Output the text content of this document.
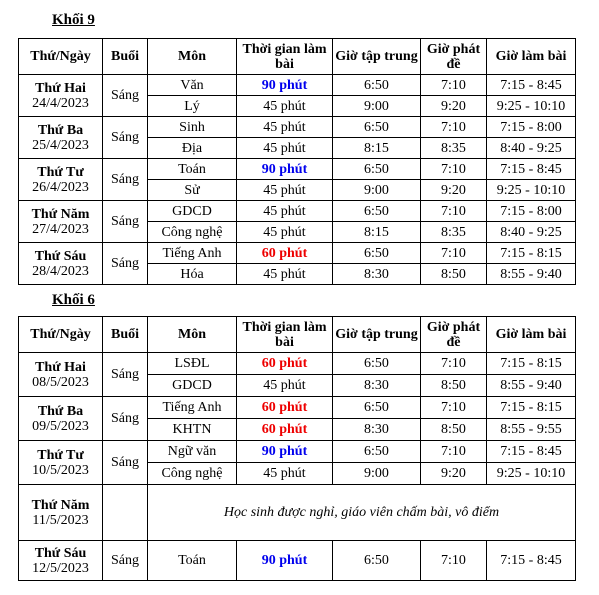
Khối 9
Thứ/Ngày	Buổi	Môn	Thời gian làm bài	Giờ tập trung	Giờ phát đề	Giờ làm bài

Thứ Hai
24/4/2023	Sáng	Văn	90 phút	6:50	7:10	7:15 - 8:45
		Lý	45 phút	9:00	9:20	9:25 - 10:10

Thứ Ba
25/4/2023	Sáng	Sinh	45 phút	6:50	7:10	7:15 - 8:00
		Địa	45 phút	8:15	8:35	8:40 - 9:25

Thứ Tư
26/4/2023	Sáng	Toán	90 phút	6:50	7:10	7:15 - 8:45
		Sử	45 phút	9:00	9:20	9:25 - 10:10

Thứ Năm
27/4/2023	Sáng	GDCD	45 phút	6:50	7:10	7:15 - 8:00
		Công nghệ	45 phút	8:15	8:35	8:40 - 9:25

Thứ Sáu
28/4/2023	Sáng	Tiếng Anh	60 phút	6:50	7:10	7:15 - 8:15
		Hóa	45 phút	8:30	8:50	8:55 - 9:40
Khối 6
Thứ/Ngày	Buổi	Môn	Thời gian làm bài	Giờ tập trung	Giờ phát đề	Giờ làm bài

Thứ Hai
08/5/2023	Sáng	LSĐL	60 phút	6:50	7:10	7:15 - 8:15
		GDCD	45 phút	8:30	8:50	8:55 - 9:40

Thứ Ba
09/5/2023	Sáng	Tiếng Anh	60 phút	6:50	7:10	7:15 - 8:15
		KHTN	60 phút	8:30	8:50	8:55 - 9:55

Thứ Tư
10/5/2023	Sáng	Ngữ văn	90 phút	6:50	7:10	7:15 - 8:45
		Công nghệ	45 phút	9:00	9:20	9:25 - 10:10

Thứ Năm
11/5/2023		Học sinh được nghỉ, giáo viên chấm bài, vô điểm				

Thứ Sáu
12/5/2023	Sáng	Toán	90 phút	6:50	7:10	7:15 - 8:45
